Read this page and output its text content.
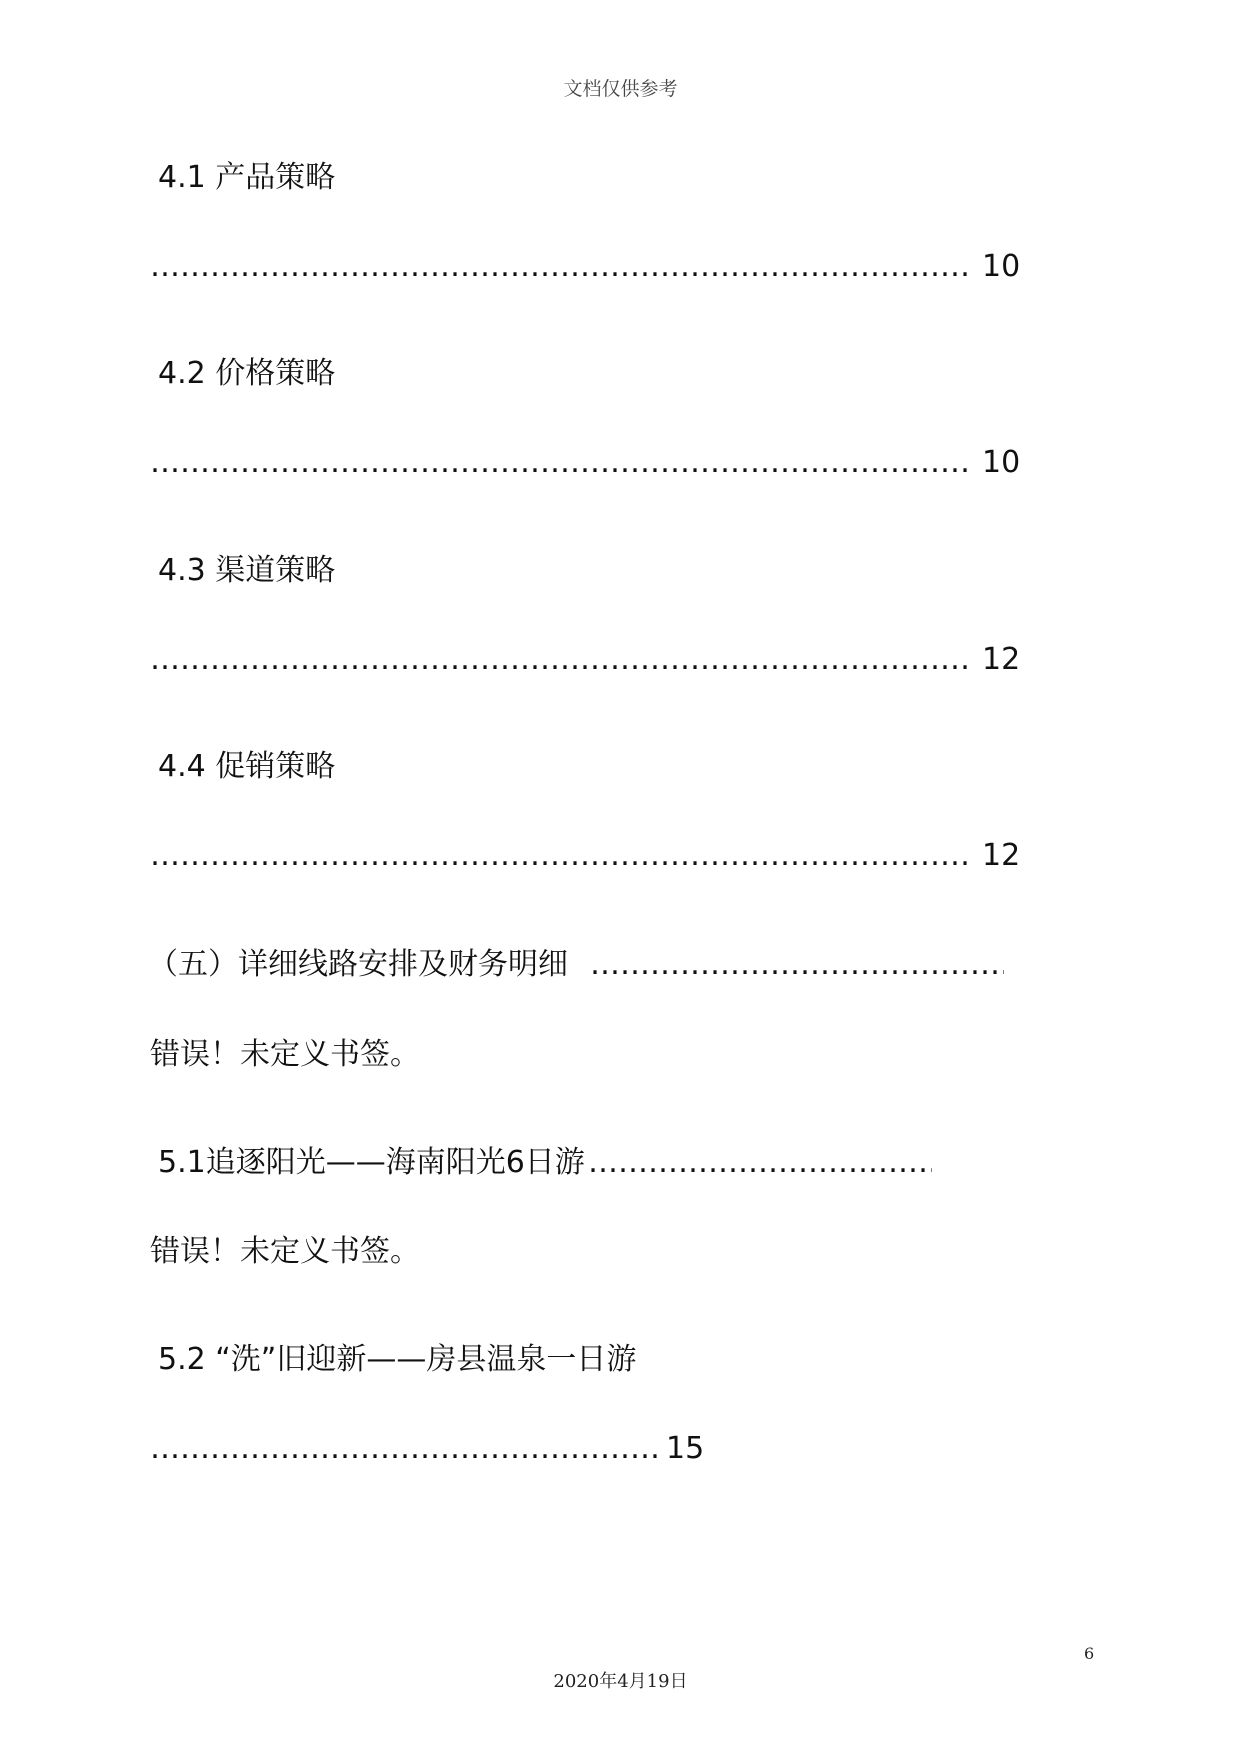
文档仅供参考
4.1 产品策略
……………………………………………………………………………………………………………………………………………………………………
10
4.2 价格策略
……………………………………………………………………………………………………………………………………………………………………
10
4.3 渠道策略
……………………………………………………………………………………………………………………………………………………………………
12
4.4 促销策略
……………………………………………………………………………………………………………………………………………………………………
12
（五）详细线路安排及财务明细
……………………………………………………………………………………………………………………………………………………………………
错误！未定义书签。
5.1追逐阳光——海南阳光6日游
……………………………………………………………………………………………………………………………………………………………………
错误！未定义书签。
5.2 “洗”旧迎新——房县温泉一日游
……………………………………………………………………………………………………………………………………………………………………
15
6
2020年4月19日
